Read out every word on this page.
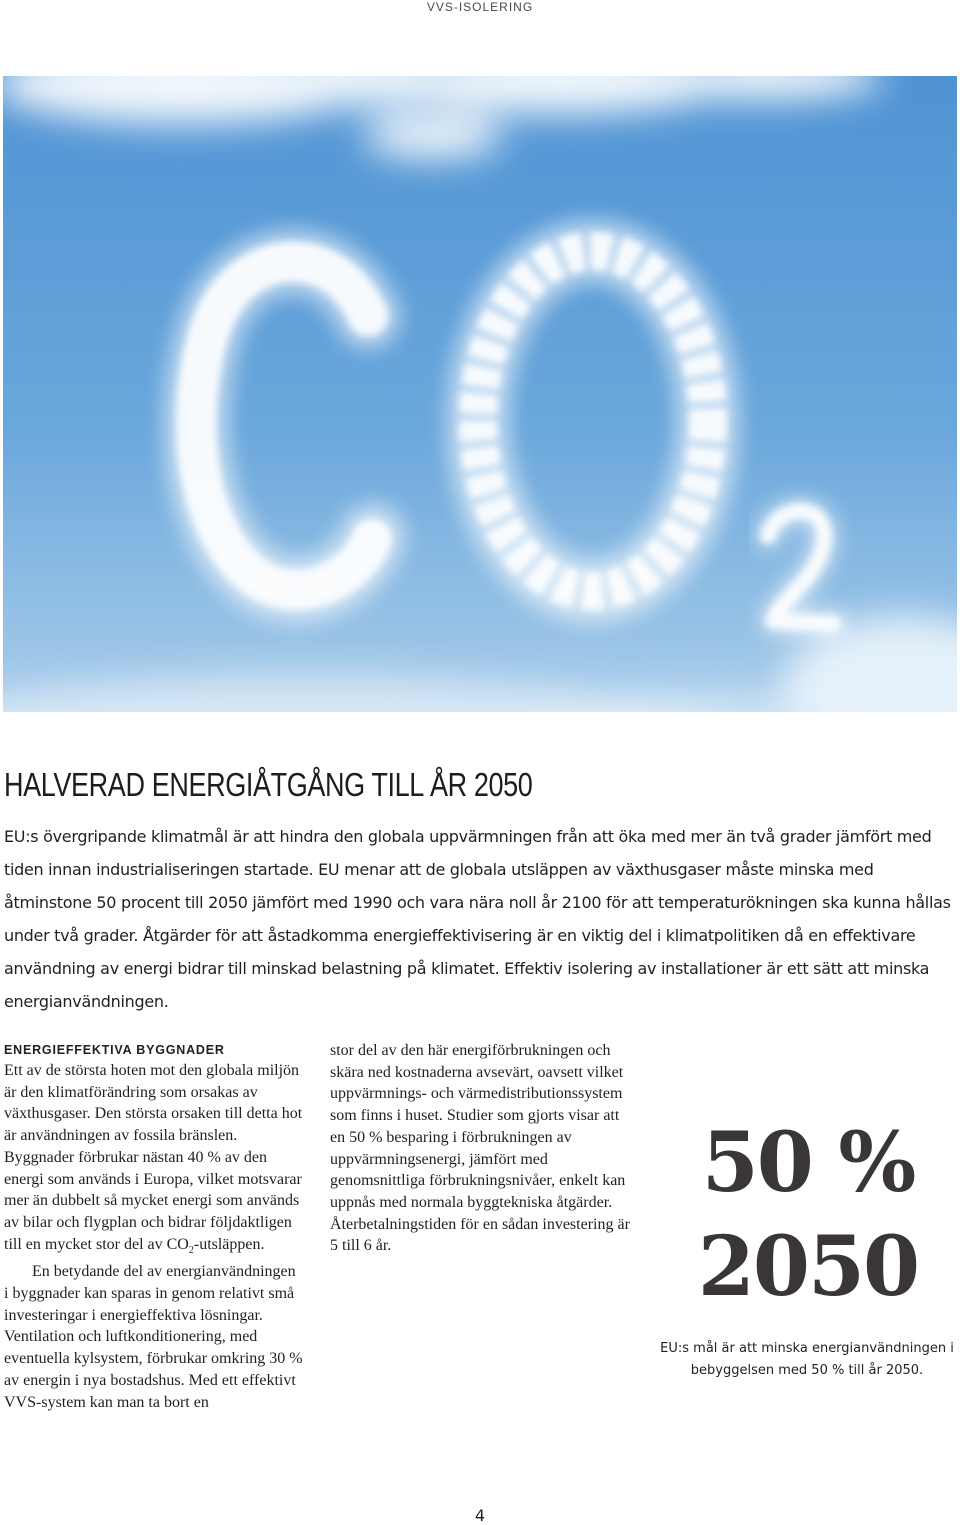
VVS-ISOLERING
HALVERAD ENERGIÅTGÅNG TILL ÅR 2050

EU:s övergripande klimatmål är att hindra den globala uppvärmningen från att öka med mer än två grader jämfört med tiden innan industrialiseringen startade. EU menar att de globala utsläppen av växthusgaser måste minska med åtminstone 50 procent till 2050 jämfört med 1990 och vara nära noll år 2100 för att temperaturökningen ska kunna hållas under två grader. Åtgärder för att åstadkomma energieffektivisering är en viktig del i klimatpolitiken då en effektivare användning av energi bidrar till minskad belastning på klimatet. Effektiv isolering av installationer är ett sätt att minska energianvändningen.

ENERGIEFFEKTIVA BYGGNADER

Ett av de största hoten mot den globala miljön är den klimatförändring som orsakas av växthusgaser. Den största orsaken till detta hot är användningen av fossila bränslen. Byggnader förbrukar nästan 40 % av den energi som används i Europa, vilket motsvarar mer än dubbelt så mycket energi som används av bilar och flygplan och bidrar följdaktligen till en mycket stor del av $CO_2$-utsläppen.

En betydande del av energianvändningen i byggnader kan sparas in genom relativt små investeringar i energieffektiva lösningar. Ventilation och luftkonditionering, med eventuella kylsystem, förbrukar omkring 30 % av energin i nya bostadshus. Med ett effektivt VVS-system kan man ta bort en

stor del av den här energiförbrukningen och skära ned kostnaderna avsevärt, oavsett vilket uppvärmnings- och värmedistributionssystem som finns i huset. Studier som gjorts visar att en 50 % besparing i förbrukningen av uppvärmningsenergi, jämfört med genomsnittliga förbrukningsnivåer, enkelt kan uppnås med normala byggtekniska åtgärder. Återbetalningstiden för en sådan investering är 5 till 6 år.

50 %
2050
EU:s mål är att minska energianvändningen i bebyggelsen med 50 % till år 2050.
4
